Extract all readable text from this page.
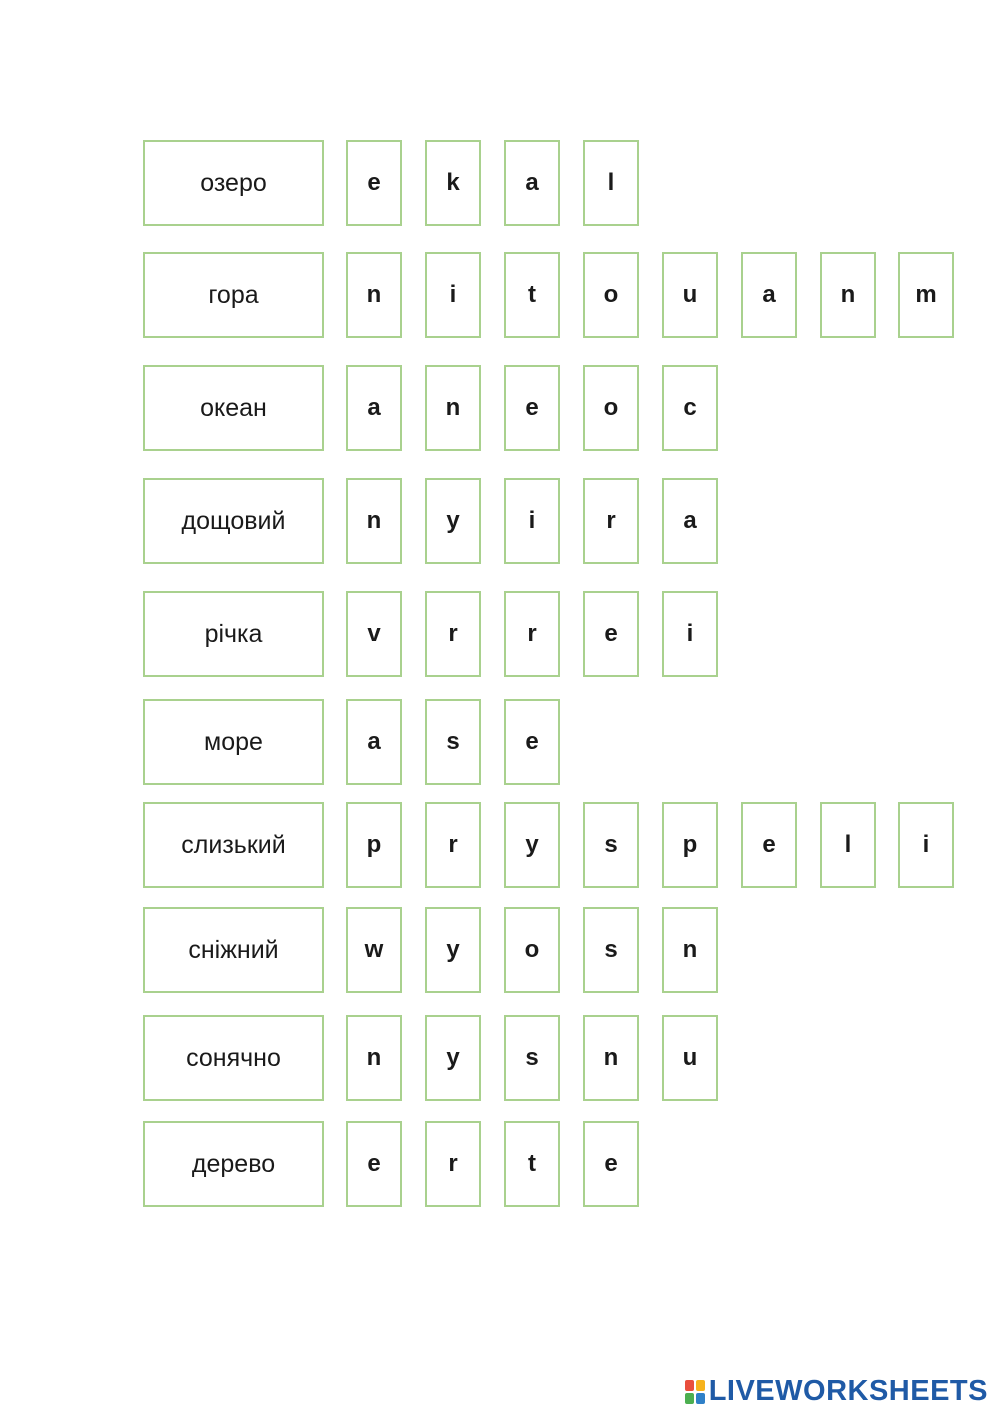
озеро	e	k	a	l
гора	n	i	t	o	u	a	n	m
океан	a	n	e	o	c
дощовий	n	y	i	r	a
річка	v	r	r	e	i
море	a	s	e
слизький	p	r	y	s	p	e	l	i
сніжний	w	y	o	s	n
сонячно	n	y	s	n	u
дерево	e	r	t	e
LIVEWORKSHEETS
